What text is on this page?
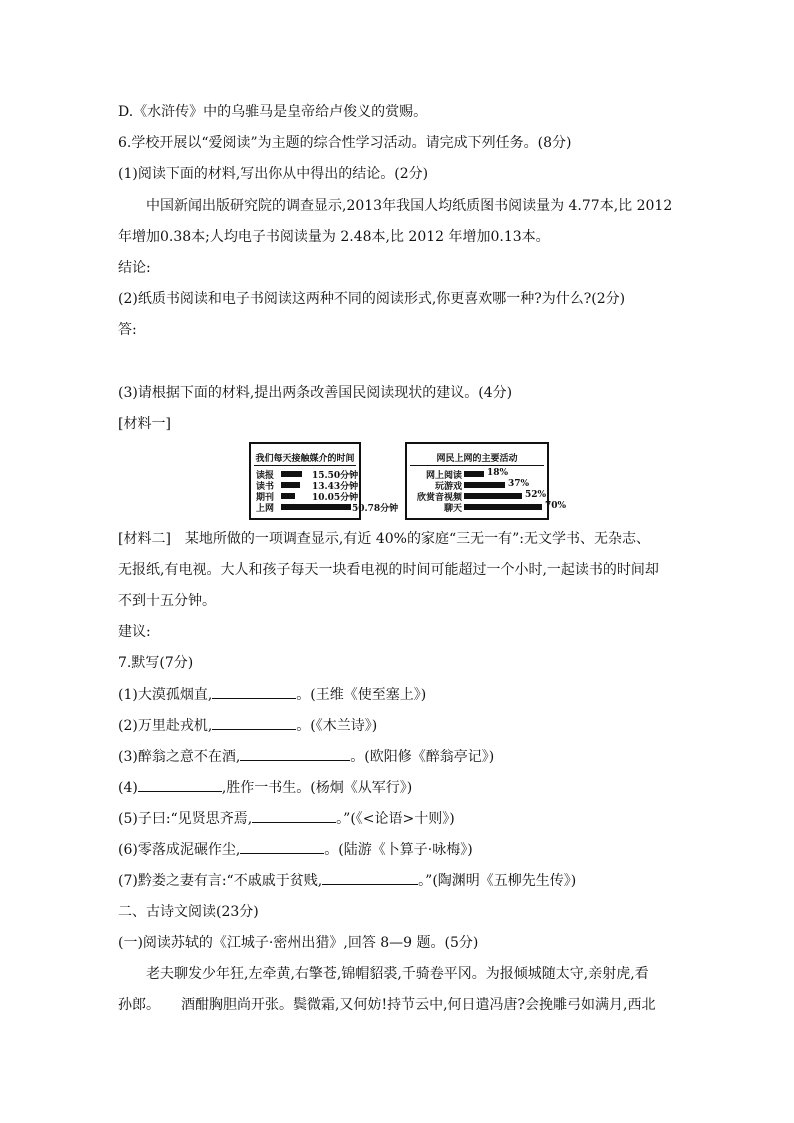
D.《水浒传》中的乌骓马是皇帝给卢俊义的赏赐。
6.学校开展以“爱阅读”为主题的综合性学习活动。请完成下列任务。(8分)
(1)阅读下面的材料,写出你从中得出的结论。(2分)
中国新闻出版研究院的调查显示,2013年我国人均纸质图书阅读量为 4.77本,比 2012
年增加0.38本;人均电子书阅读量为 2.48本,比 2012 年增加0.13本。
结论:
(2)纸质书阅读和电子书阅读这两种不同的阅读形式,你更喜欢哪一种?为什么?(2分)
答:
(3)请根据下面的材料,提出两条改善国民阅读现状的建议。(4分)
[材料一]
我们每天接触媒介的时间
读报	15.50分钟
读书	13.43分钟
期刊	10.05分钟
上网	50.78分钟
网民上网的主要活动
网上阅读	18%
玩游戏	37%
欣赏音视频	52%
聊天	70%
[材料二]　某地所做的一项调查显示,有近 40%的家庭“三无一有”:无文学书、无杂志、
无报纸,有电视。大人和孩子每天一块看电视的时间可能超过一个小时,一起读书的时间却
不到十五分钟。
建议:
7.默写(7分)
(1)大漠孤烟直,	。(王维《使至塞上》)
(2)万里赴戎机,	。(《木兰诗》)
(3)醉翁之意不在酒,	。(欧阳修《醉翁亭记》)
(4)	,胜作一书生。(杨炯《从军行》)
(5)子曰:“见贤思齐焉,	。”(《<论语>十则》)
(6)零落成泥碾作尘,	。(陆游《卜算子·咏梅》)
(7)黔娄之妻有言:“不戚戚于贫贱,	。”(陶渊明《五柳先生传》)
二、古诗文阅读(23分)
(一)阅读苏轼的《江城子·密州出猎》,回答 8—9 题。(5分)
老夫聊发少年狂,左牵黄,右擎苍,锦帽貂裘,千骑卷平冈。为报倾城随太守,亲射虎,看
孙郎。　　酒酣胸胆尚开张。鬓微霜,又何妨!持节云中,何日遣冯唐?会挽雕弓如满月,西北
